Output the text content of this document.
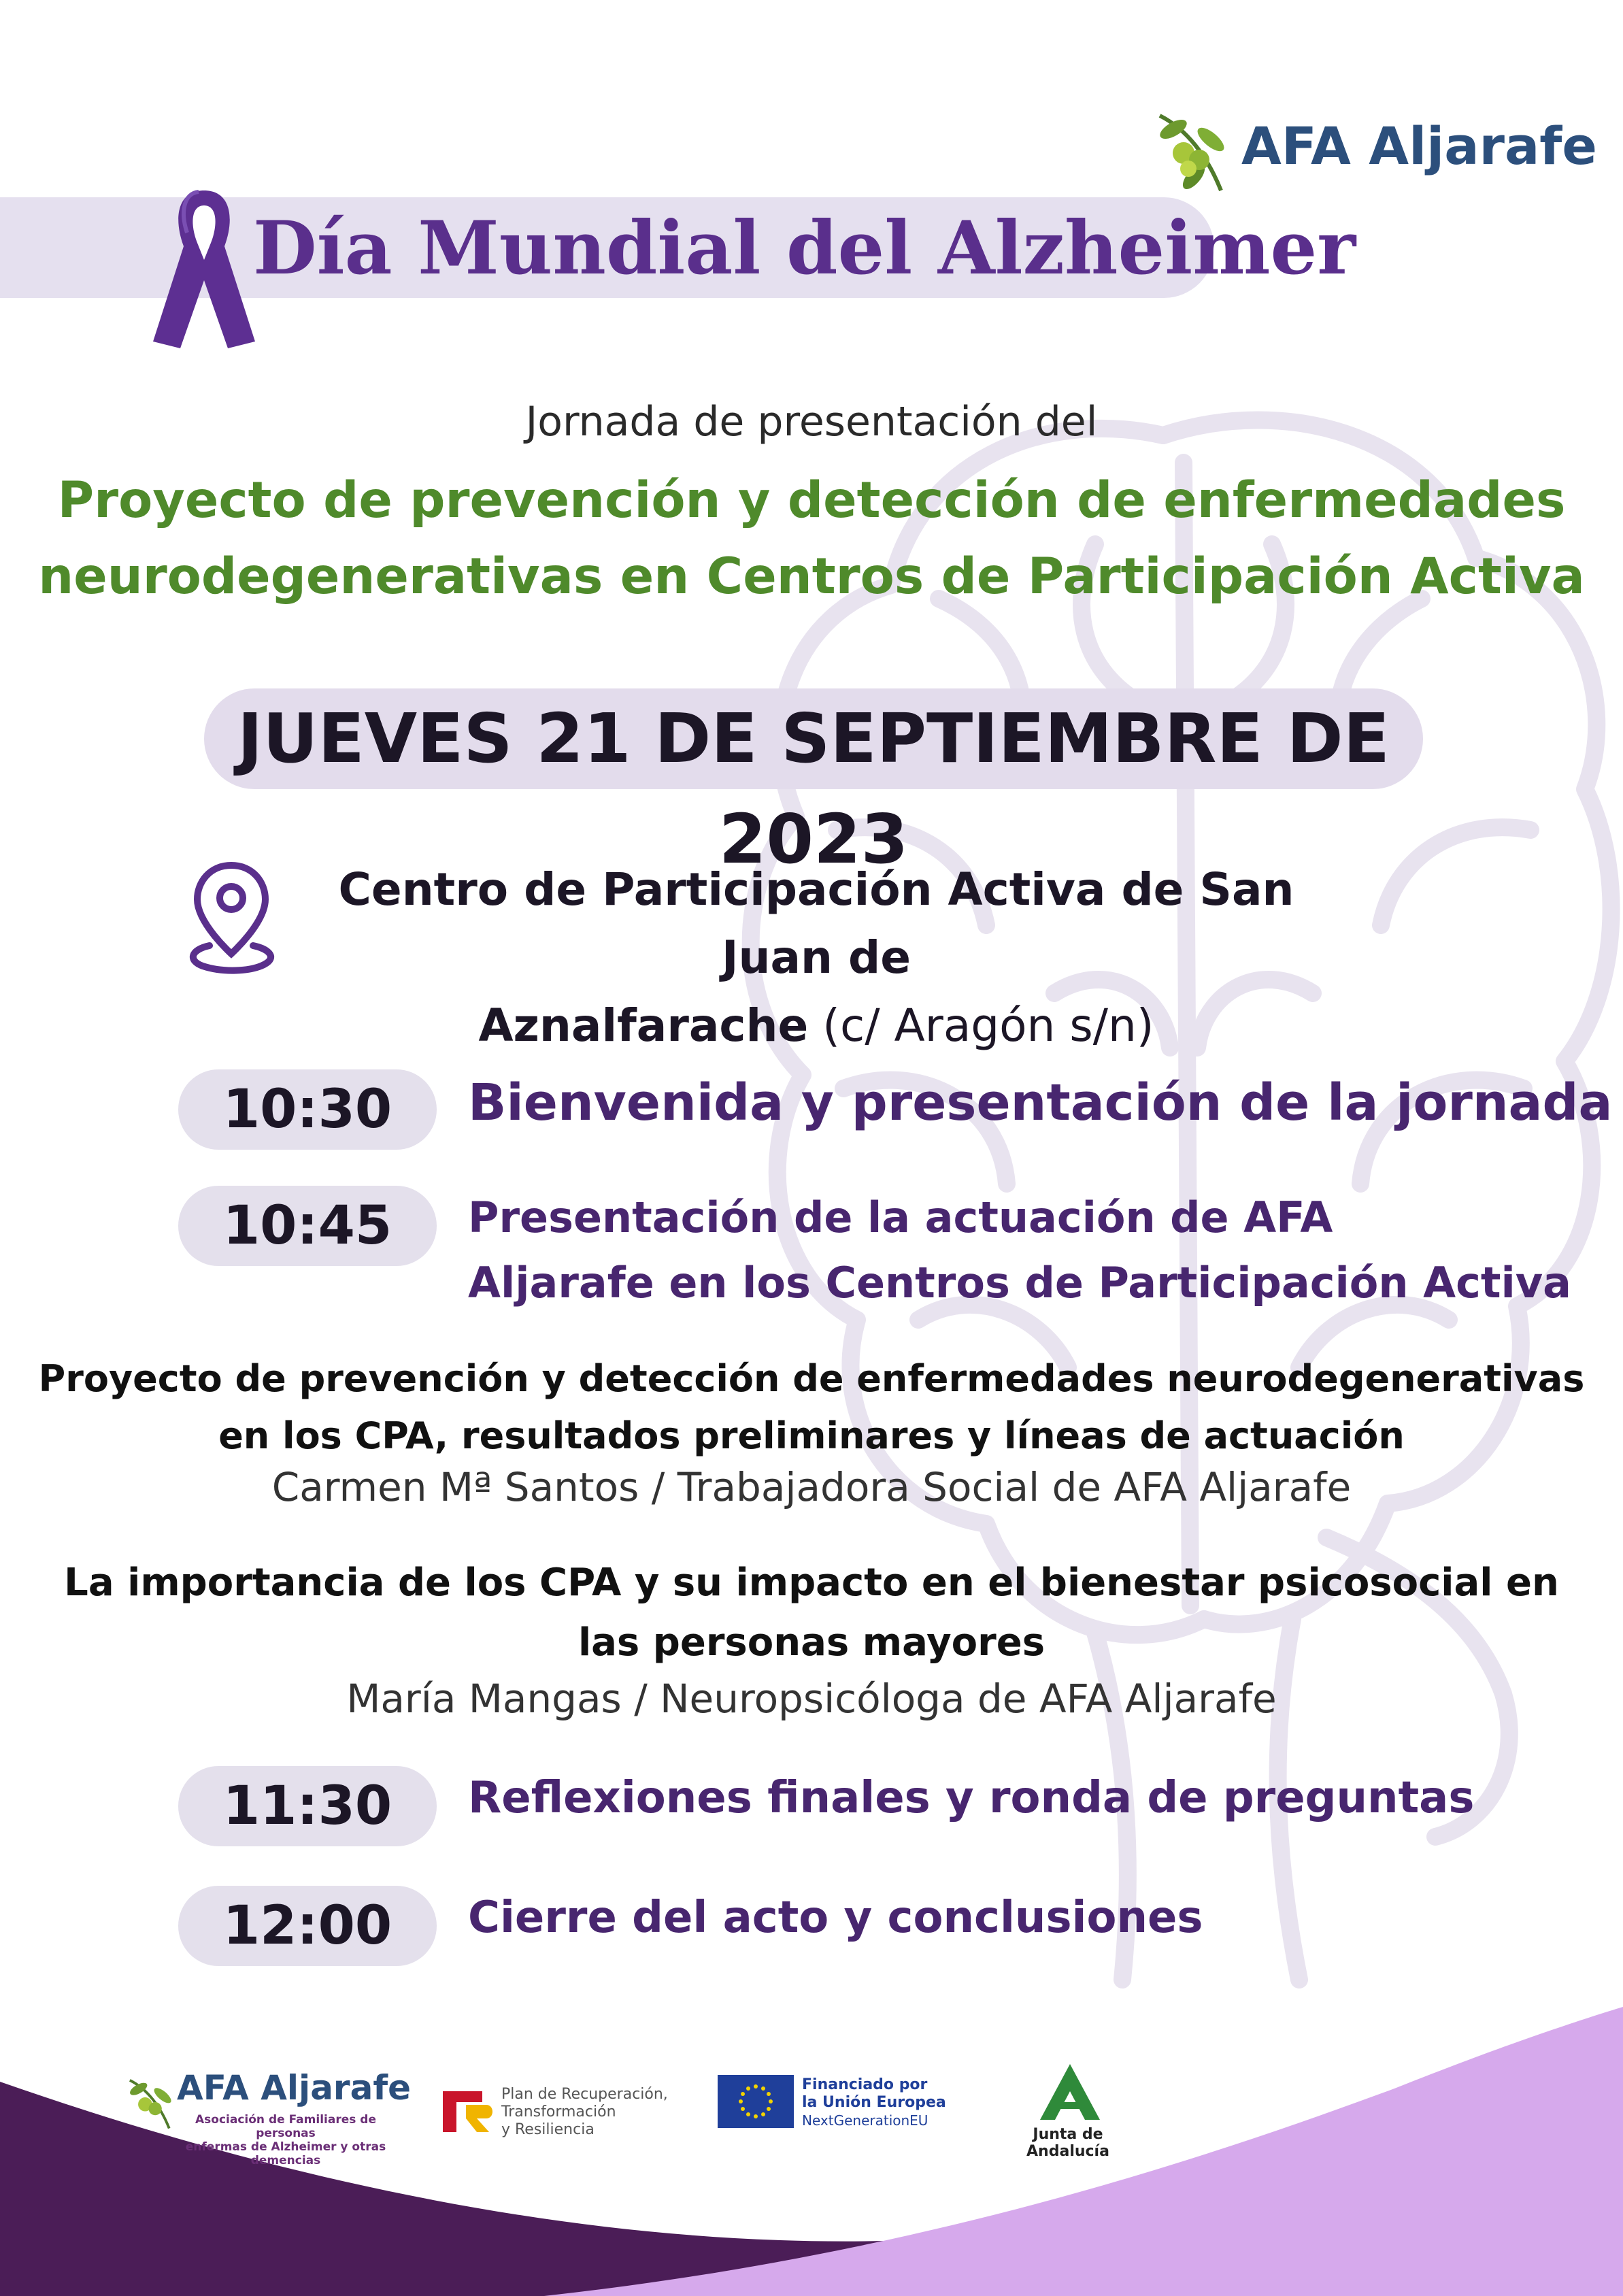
AFA Aljarafe
Día Mundial del Alzheimer
Jornada de presentación del
Proyecto de prevención y detección de enfermedades
neurodegenerativas en Centros de Participación Activa
JUEVES 21 DE SEPTIEMBRE DE 2023
Centro de Participación Activa de San Juan de
Aznalfarache (c/ Aragón s/n)
10:30	Bienvenida y presentación de la jornada
10:45	Presentación de la actuación de AFA
Aljarafe en los Centros de Participación Activa
Proyecto de prevención y detección de enfermedades neurodegenerativas
en los CPA, resultados preliminares y líneas de actuación
Carmen Mª Santos / Trabajadora Social de AFA Aljarafe
La importancia de los CPA y su impacto en el bienestar psicosocial en
las personas mayores
María Mangas / Neuropsicóloga de AFA Aljarafe
11:30	Reflexiones finales y ronda de preguntas
12:00	Cierre del acto y conclusiones
AFA Aljarafe
Asociación de Familiares de personas
enfermas de Alzheimer y otras demencias
Plan de Recuperación,
Transformación
y Resiliencia
Financiado por
la Unión Europea
NextGenerationEU
Junta de Andalucía
